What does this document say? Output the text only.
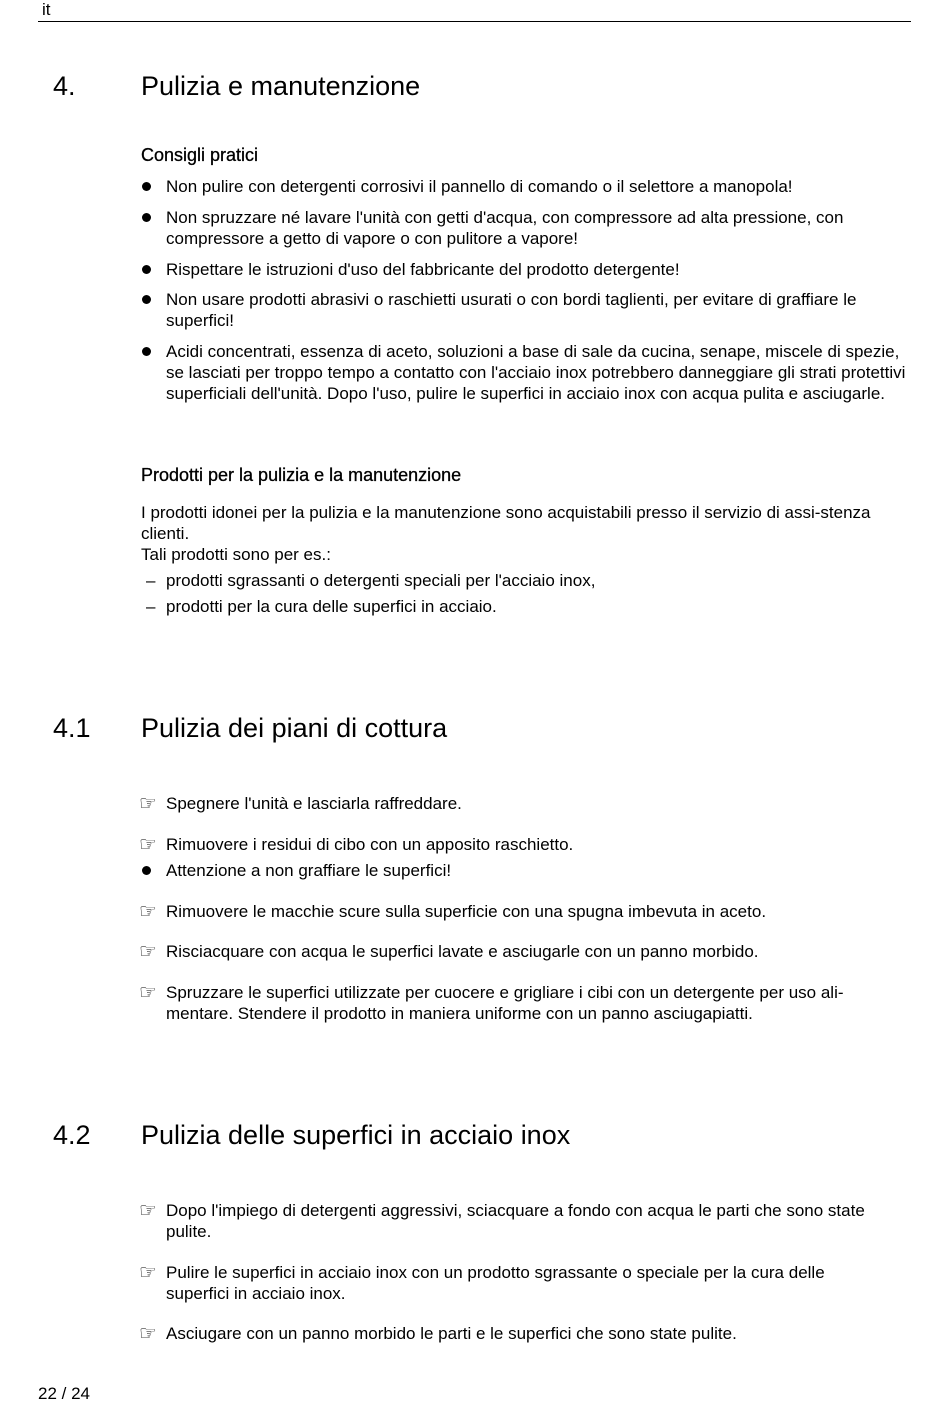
it
4. Pulizia e manutenzione
Consigli pratici
Non pulire con detergenti corrosivi il pannello di comando o il selettore a manopola!
Non spruzzare né lavare l'unità con getti d'acqua, con compressore ad alta pressione, con compressore a getto di vapore o con pulitore a vapore!
Rispettare le istruzioni d'uso del fabbricante del prodotto detergente!
Non usare prodotti abrasivi o raschietti usurati o con bordi taglienti, per evitare di graffiare le superfici!
Acidi concentrati, essenza di aceto, soluzioni a base di sale da cucina, senape, miscele di spezie, se lasciati per troppo tempo a contatto con l'acciaio inox potrebbero danneggiare gli strati protettivi superficiali dell'unità. Dopo l'uso, pulire le superfici in acciaio inox con acqua pulita e asciugarle.
Prodotti per la pulizia e la manutenzione

I prodotti idonei per la pulizia e la manutenzione sono acquistabili presso il servizio di assi-stenza clienti.

Tali prodotti sono per es.:

– prodotti sgrassanti o detergenti speciali per l'acciaio inox,
– prodotti per la cura delle superfici in acciaio.
4.1 Pulizia dei piani di cottura
☞ Spegnere l'unità e lasciarla raffreddare.
☞ Rimuovere i residui di cibo con un apposito raschietto.
Attenzione a non graffiare le superfici!
☞ Rimuovere le macchie scure sulla superficie con una spugna imbevuta in aceto.
☞ Risciacquare con acqua le superfici lavate e asciugarle con un panno morbido.
☞ Spruzzare le superfici utilizzate per cuocere e grigliare i cibi con un detergente per uso ali-mentare. Stendere il prodotto in maniera uniforme con un panno asciugapiatti.
4.2 Pulizia delle superfici in acciaio inox
☞ Dopo l'impiego di detergenti aggressivi, sciacquare a fondo con acqua le parti che sono state pulite.
☞ Pulire le superfici in acciaio inox con un prodotto sgrassante o speciale per la cura delle superfici in acciaio inox.
☞ Asciugare con un panno morbido le parti e le superfici che sono state pulite.
22 / 24
